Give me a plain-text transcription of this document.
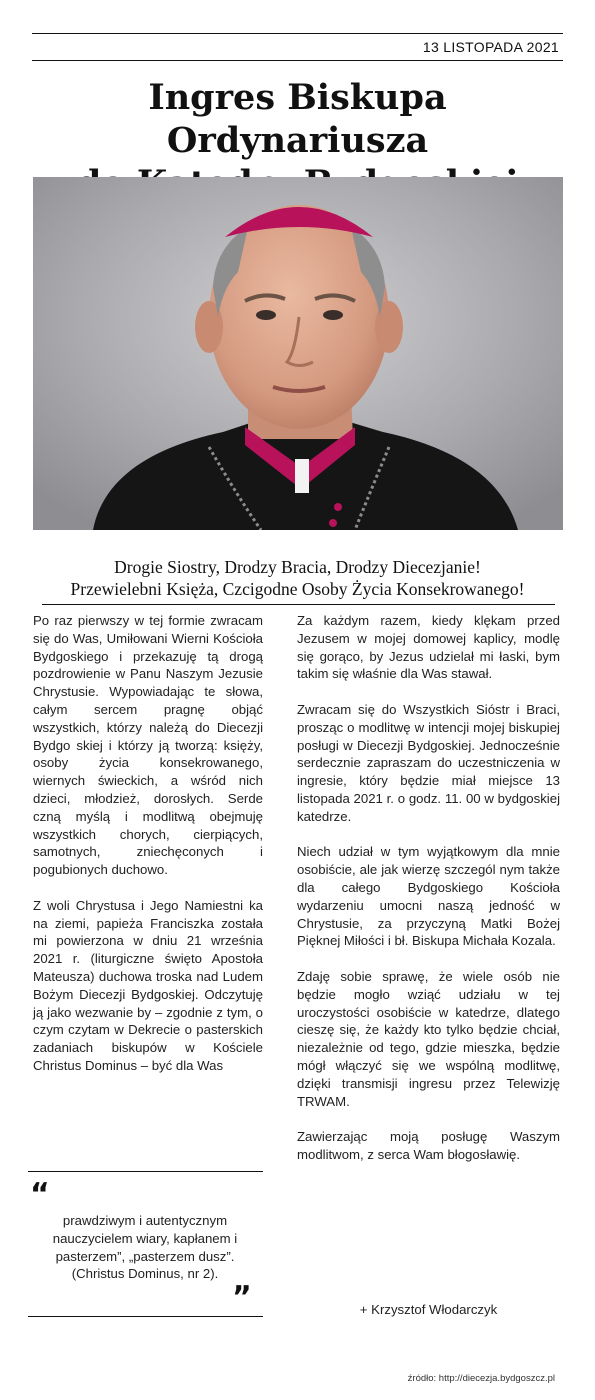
13 LISTOPADA 2021
Ingres Biskupa Ordynariusza

Drogie Siostry, Drodzy Bracia, Drodzy Diecezjanie!
Przewielebni Księża, Czcigodne Osoby Życia Konsekrowanego!

Po raz pierwszy w tej formie zwracam się do Was, Umiłowani Wierni Kościoła Bydgoskiego i przekazuję tą drogą pozdrowienie w Panu Naszym Jezusie Chrystusie. Wypowiadając te słowa, całym sercem pragnę objąć wszystkich, którzy należą do Diecezji Bydgo skiej i którzy ją tworzą: księży, osoby życia konsekrowanego, wiernych świeckich, a wśród nich dzieci, młodzież, dorosłych. Serde czną myślą i modlitwą obejmuję wszystkich chorych, cierpiących, samotnych, zniechęconych i pogubionych duchowo.

Z woli Chrystusa i Jego Namiestni ka na ziemi, papieża Franciszka została mi powierzona w dniu 21 września 2021 r. (liturgiczne święto Apostoła Mateusza) duchowa troska nad Ludem Bożym Diecezji Bydgoskiej. Odczytuję ją jako wezwanie by – zgodnie z tym, o czym czytam w Dekrecie o pasterskich zadaniach biskupów w Kościele Christus Dominus – być dla Was

“
prawdziwym i autentycznym nauczycielem wiary, kapłanem i pasterzem”, „pasterzem dusz”. (Christus Dominus, nr 2).
”

Za każdym razem, kiedy klękam przed Jezusem w mojej domowej kaplicy, modlę się gorąco, by Jezus udzielał mi łaski, bym takim się właśnie dla Was stawał.

Zwracam się do Wszystkich Sióstr i Braci, prosząc o modlitwę w intencji mojej biskupiej posługi w Diecezji Bydgoskiej. Jednocześnie serdecznie zapraszam do uczestniczenia w ingresie, który będzie miał miejsce 13 listopada 2021 r. o godz. 11. 00 w bydgoskiej katedrze.

Niech udział w tym wyjątkowym dla mnie osobiście, ale jak wierzę szczegól nym także dla całego Bydgoskiego Kościoła wydarzeniu umocni naszą jedność w Chrystusie, za przyczyną Matki Bożej Pięknej Miłości i bł. Biskupa Michała Kozala.

Zdaję sobie sprawę, że wiele osób nie będzie mogło wziąć udziału w tej uroczystości osobiście w katedrze, dlatego cieszę się, że każdy kto tylko będzie chciał, niezależnie od tego, gdzie mieszka, będzie mógł włączyć się we wspólną modlitwę, dzięki transmisji ingresu przez Telewizję TRWAM.

Zawierzając moją posługę Waszym modlitwom, z serca Wam błogosławię.

+ Krzysztof Włodarczyk
źródło: http://diecezja.bydgoszcz.pl
